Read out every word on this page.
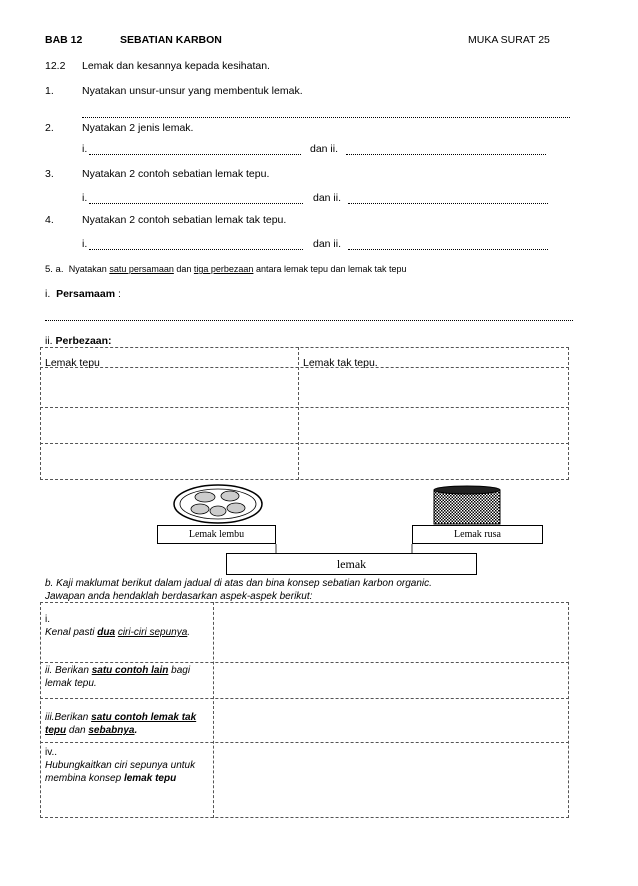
BAB 12	SEBATIAN KARBON	MUKA SURAT 25
12.2 Lemak dan kesannya kepada kesihatan.
1.	Nyatakan unsur-unsur yang membentuk lemak.
2.	Nyatakan 2 jenis lemak.
i.	dan ii.
3.	Nyatakan 2 contoh sebatian lemak tepu.
i.	dan ii.
4.	Nyatakan 2 contoh sebatian lemak tak tepu.
i.	dan ii.
5. a. Nyatakan satu persamaan dan tiga perbezaan antara lemak tepu dan lemak tak tepu
i. Persamaam :
ii. Perbezaan:
Lemak tepu	Lemak tak tepu.
Lemak lembu	Lemak rusa
lemak
b. Kaji maklumat berikut dalam jadual di atas dan bina konsep sebatian karbon organic.
Jawapan anda hendaklah berdasarkan aspek-aspek berikut:
i.
Kenal pasti dua ciri-ciri sepunya.
ii. Berikan satu contoh lain bagi lemak tepu.
iii.Berikan satu contoh lemak tak tepu dan sebabnya.
iv..
Hubungkaitkan ciri sepunya untuk membina konsep lemak tepu
